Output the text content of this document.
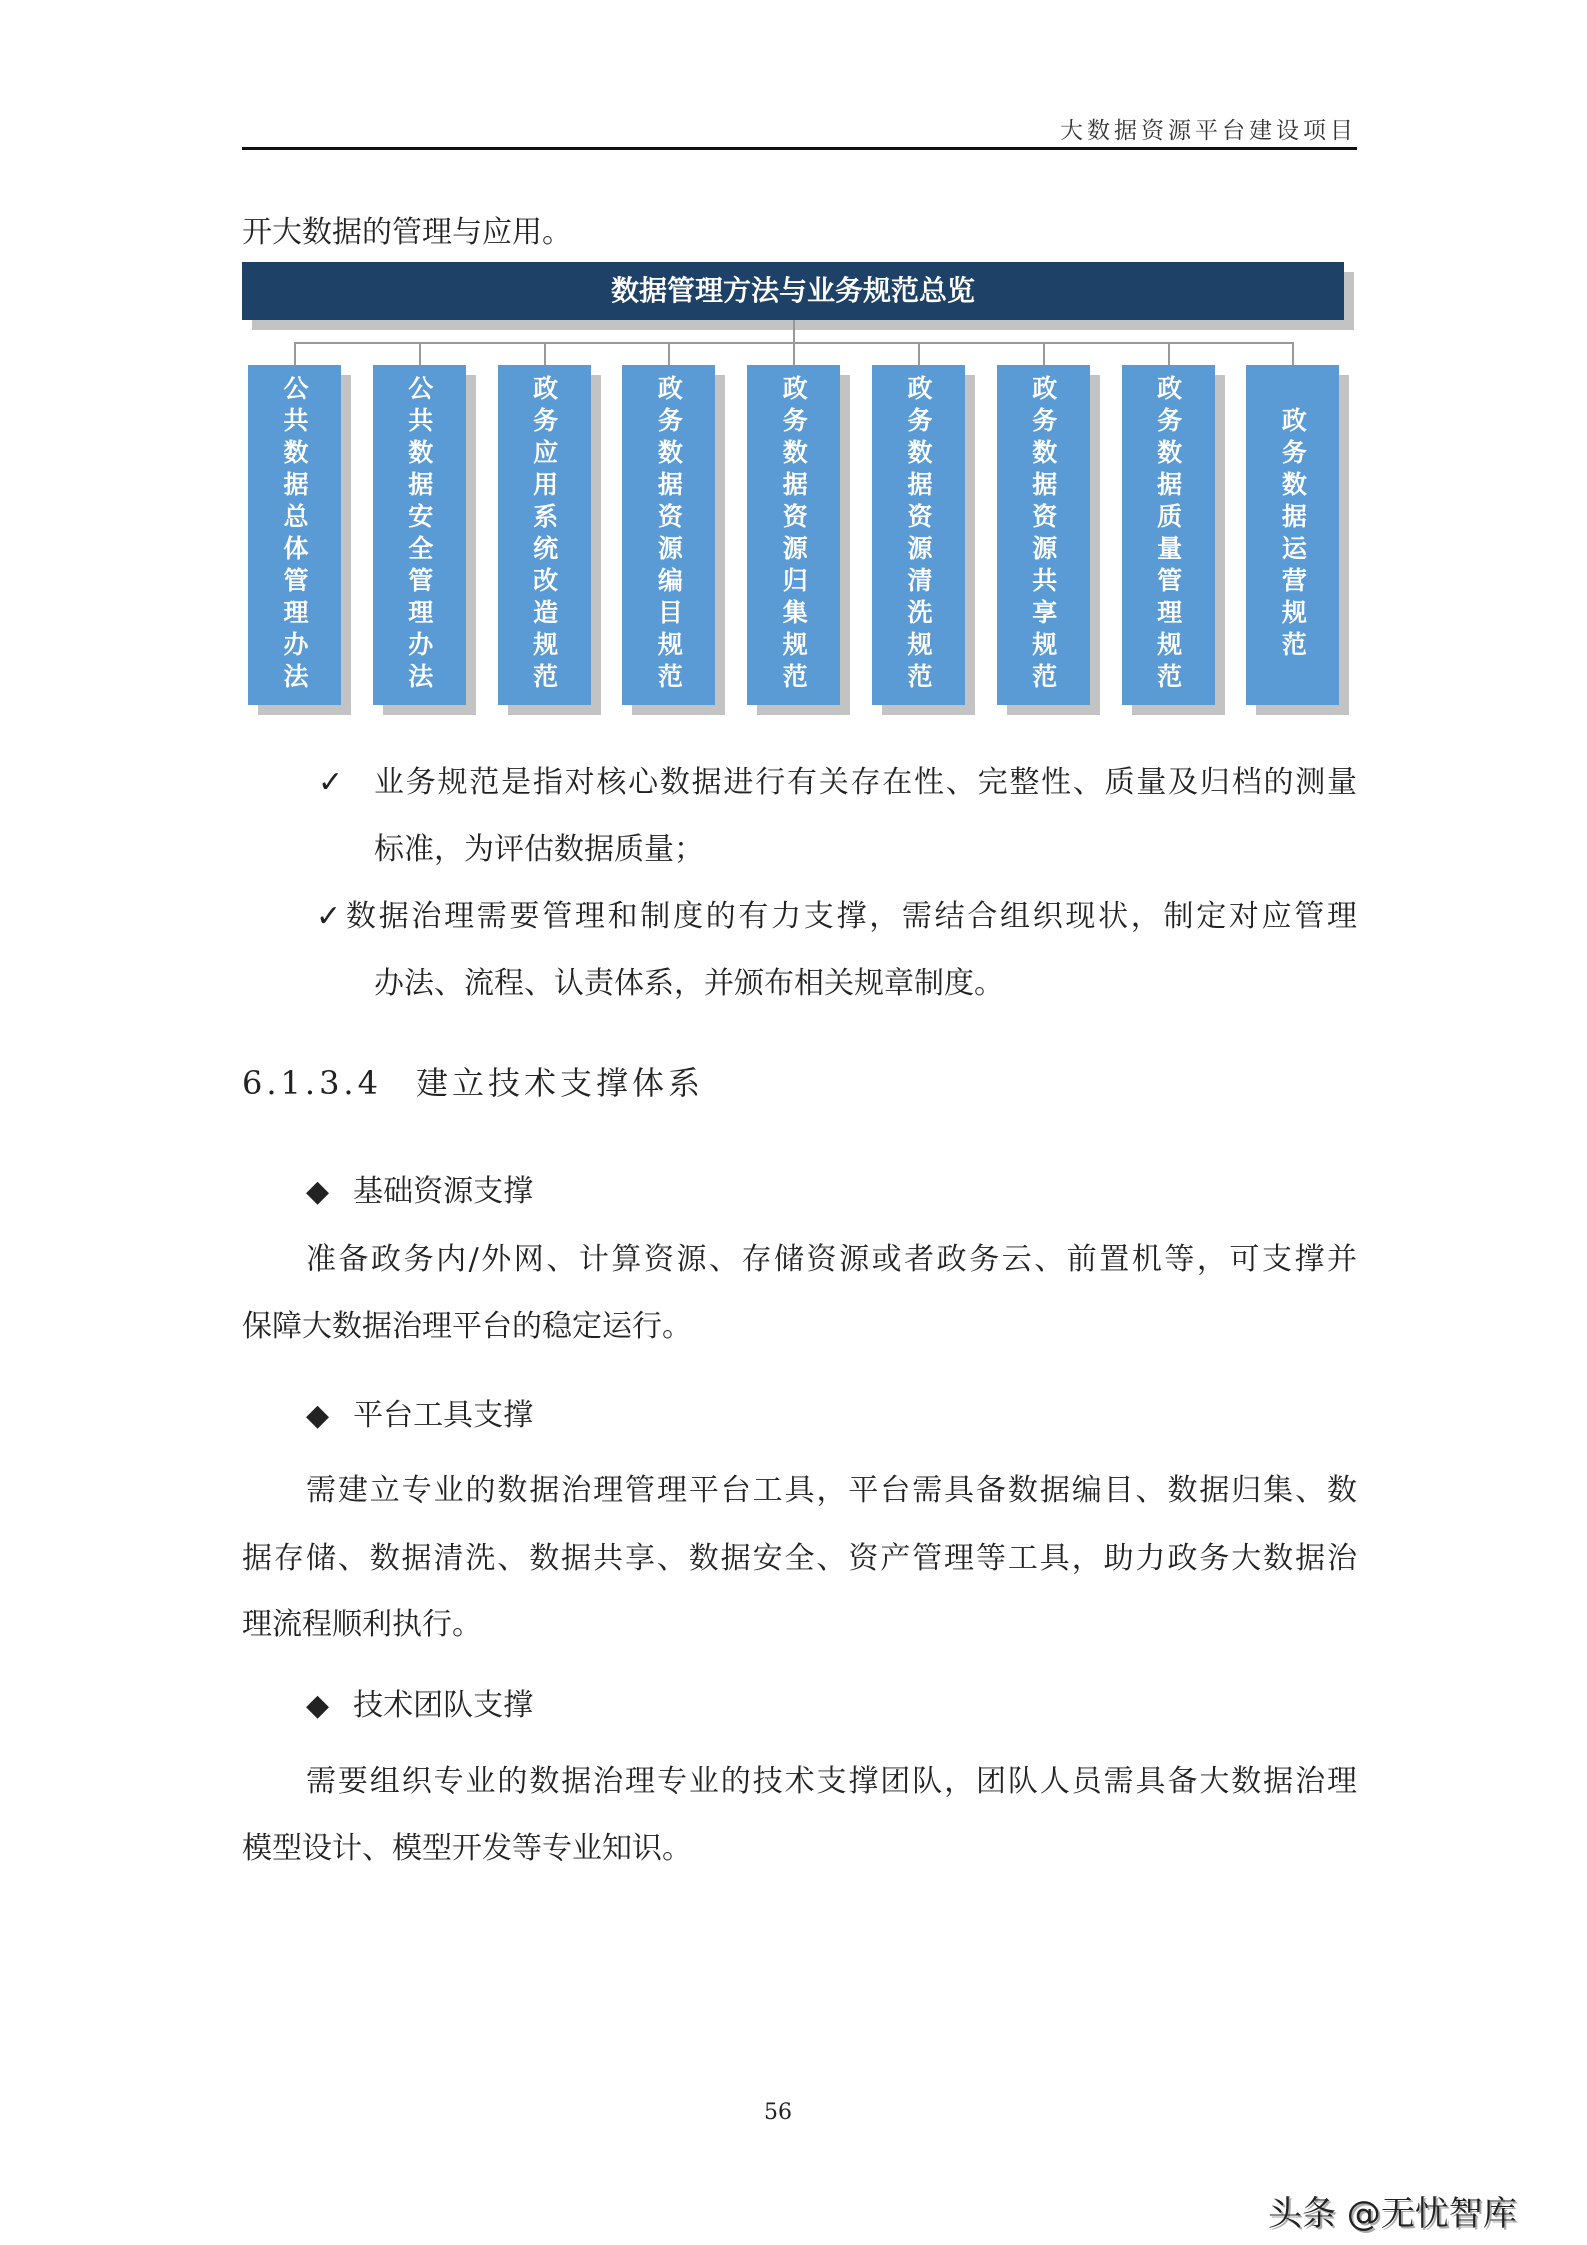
大数据资源平台建设项目
开大数据的管理与应用。
数据管理方法与业务规范总览
公共数据总体管理办法	公共数据安全管理办法	政务应用系统改造规范	政务数据资源编目规范	政务数据资源归集规范	政务数据资源清洗规范	政务数据资源共享规范	政务数据质量管理规范	政务数据运营规范
✓ 业务规范是指对核心数据进行有关存在性、完整性、质量及归档的测量
标准，为评估数据质量；
✓ 数据治理需要管理和制度的有力支撑，需结合组织现状，制定对应管理
办法、流程、认责体系，并颁布相关规章制度。
6.1.3.4 建立技术支撑体系
◆ 基础资源支撑
准备政务内/外网、计算资源、存储资源或者政务云、前置机等，可支撑并
保障大数据治理平台的稳定运行。
◆ 平台工具支撑
需建立专业的数据治理管理平台工具，平台需具备数据编目、数据归集、数
据存储、数据清洗、数据共享、数据安全、资产管理等工具，助力政务大数据治
理流程顺利执行。
◆ 技术团队支撑
需要组织专业的数据治理专业的技术支撑团队，团队人员需具备大数据治理
模型设计、模型开发等专业知识。
56
头条 @无忧智库
